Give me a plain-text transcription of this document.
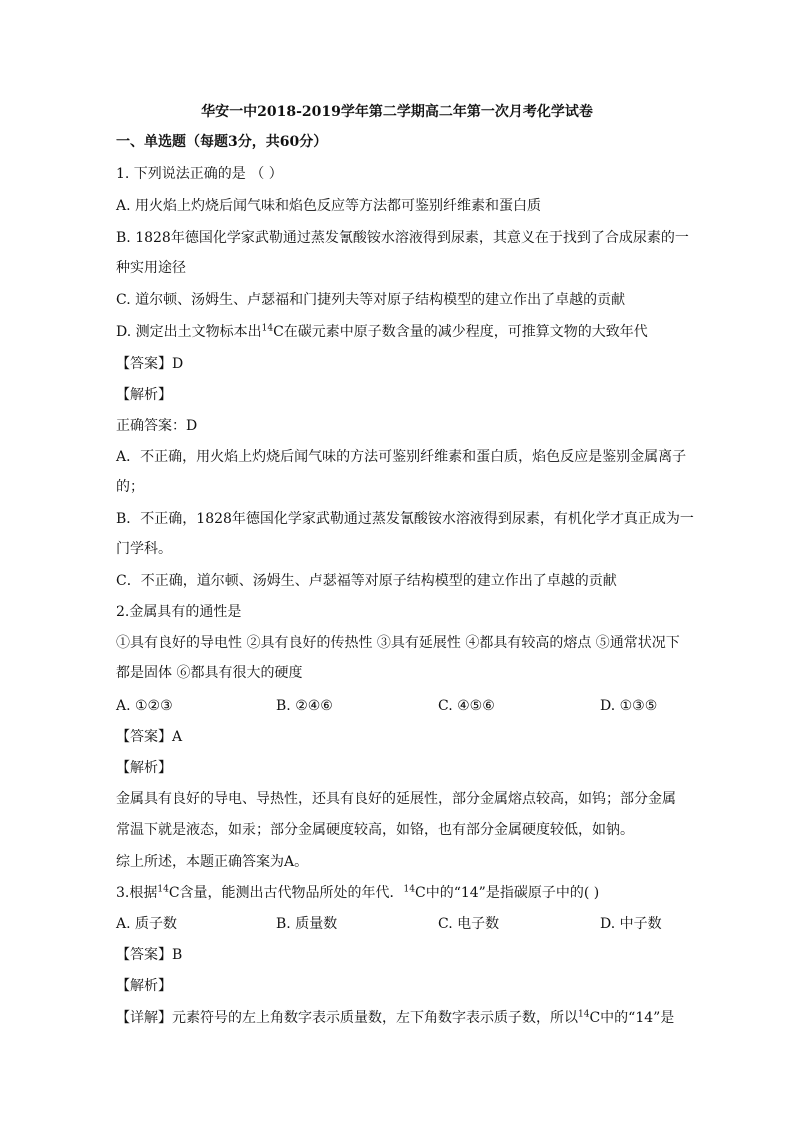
华安一中2018-2019学年第二学期高二年第一次月考化学试卷
一、单选题（每题3分，共60分）
1. 下列说法正确的是 （ ）
A. 用火焰上灼烧后闻气味和焰色反应等方法都可鉴别纤维素和蛋白质
B. 1828年德国化学家武勒通过蒸发氰酸铵水溶液得到尿素，其意义在于找到了合成尿素的一
种实用途径
C. 道尔顿、汤姆生、卢瑟福和门捷列夫等对原子结构模型的建立作出了卓越的贡献
D. 测定出土文物标本出$^{14}$C在碳元素中原子数含量的减少程度，可推算文物的大致年代
【答案】D
【解析】
正确答案：D
A．不正确，用火焰上灼烧后闻气味的方法可鉴别纤维素和蛋白质，焰色反应是鉴别金属离子
的；
B．不正确，1828年德国化学家武勒通过蒸发氰酸铵水溶液得到尿素，有机化学才真正成为一
门学科。
C．不正确，道尔顿、汤姆生、卢瑟福等对原子结构模型的建立作出了卓越的贡献
2.金属具有的通性是
①具有良好的导电性 ②具有良好的传热性 ③具有延展性 ④都具有较高的熔点 ⑤通常状况下
都是固体 ⑥都具有很大的硬度
A. ①②③	B. ②④⑥	C. ④⑤⑥	D. ①③⑤
【答案】A
【解析】
金属具有良好的导电、导热性，还具有良好的延展性，部分金属熔点较高，如钨；部分金属
常温下就是液态，如汞；部分金属硬度较高，如铬，也有部分金属硬度较低，如钠。
综上所述，本题正确答案为A。
3.根据$^{14}$C含量，能测出古代物品所处的年代．$^{14}$C中的“14”是指碳原子中的( )
A. 质子数	B. 质量数	C. 电子数	D. 中子数
【答案】B
【解析】
【详解】元素符号的左上角数字表示质量数，左下角数字表示质子数，所以$^{14}$C中的“14”是
